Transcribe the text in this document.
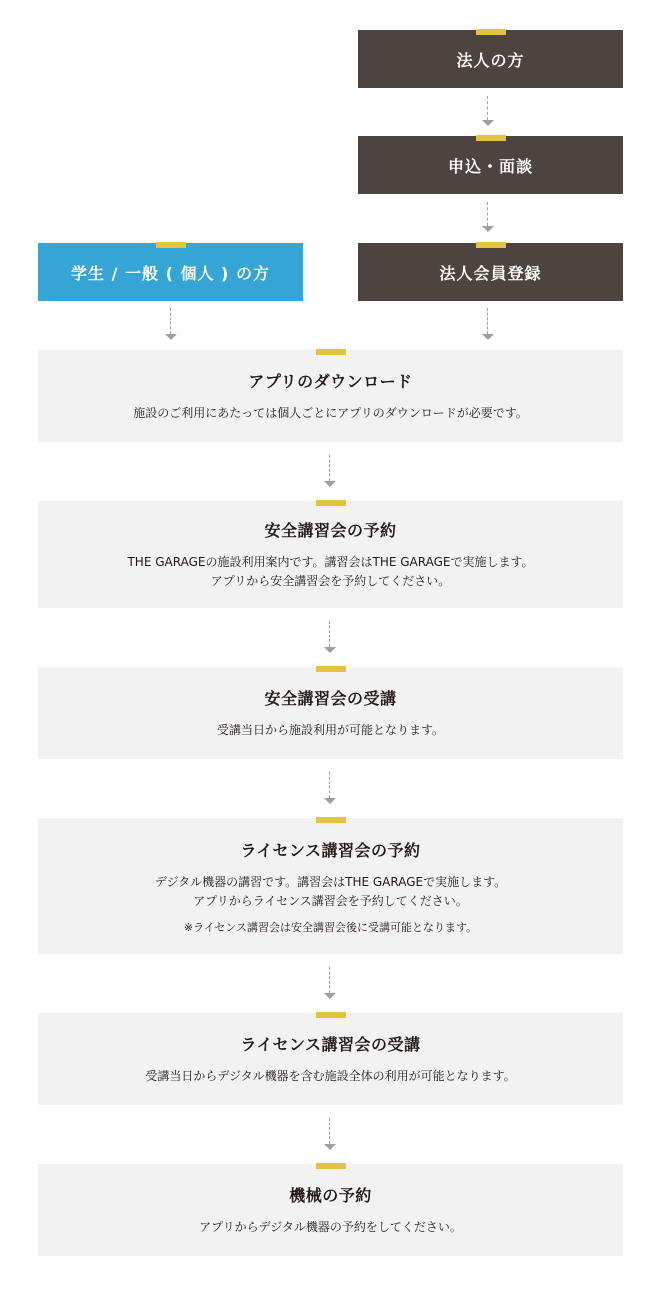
法人の方
申込・面談
法人会員登録
学生 / 一般 ( 個人 ) の方

アプリのダウンロード

施設のご利用にあたっては個人ごとにアプリのダウンロードが必要です。

安全講習会の予約

THE GARAGEの施設利用案内です。講習会はTHE GARAGEで実施します。
アプリから安全講習会を予約してください。

安全講習会の受講

受講当日から施設利用が可能となります。

ライセンス講習会の予約

デジタル機器の講習です。講習会はTHE GARAGEで実施します。
アプリからライセンス講習会を予約してください。

※ライセンス講習会は安全講習会後に受講可能となります。

ライセンス講習会の受講

受講当日からデジタル機器を含む施設全体の利用が可能となります。

機械の予約

アプリからデジタル機器の予約をしてください。
